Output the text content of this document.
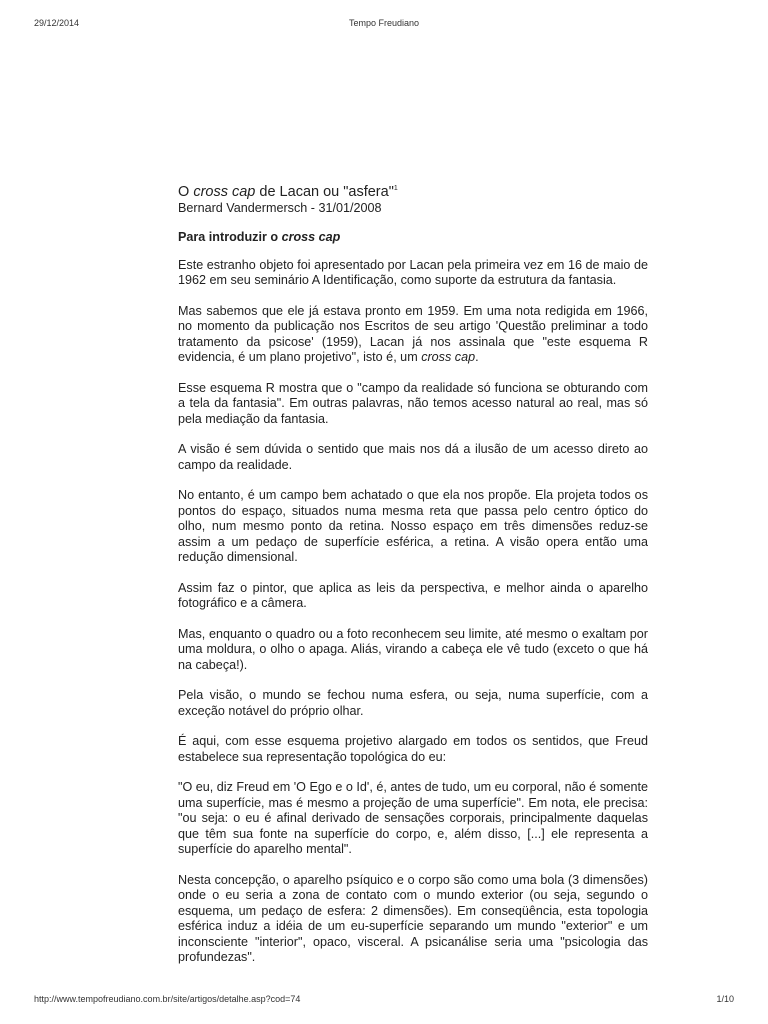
29/12/2014	Tempo Freudiano
O cross cap de Lacan ou "asfera"$^1$

Bernard Vandermersch - 31/01/2008

Para introduzir o cross cap

Este estranho objeto foi apresentado por Lacan pela primeira vez em 16 de maio de 1962 em seu seminário A Identificação, como suporte da estrutura da fantasia.

Mas sabemos que ele já estava pronto em 1959. Em uma nota redigida em 1966, no momento da publicação nos Escritos de seu artigo 'Questão preliminar a todo tratamento da psicose' (1959), Lacan já nos assinala que "este esquema R evidencia, é um plano projetivo", isto é, um cross cap.

Esse esquema R mostra que o "campo da realidade só funciona se obturando com a tela da fantasia". Em outras palavras, não temos acesso natural ao real, mas só pela mediação da fantasia.

A visão é sem dúvida o sentido que mais nos dá a ilusão de um acesso direto ao campo da realidade.

No entanto, é um campo bem achatado o que ela nos propõe. Ela projeta todos os pontos do espaço, situados numa mesma reta que passa pelo centro óptico do olho, num mesmo ponto da retina. Nosso espaço em três dimensões reduz-se assim a um pedaço de superfície esférica, a retina. A visão opera então uma redução dimensional.

Assim faz o pintor, que aplica as leis da perspectiva, e melhor ainda o aparelho fotográfico e a câmera.

Mas, enquanto o quadro ou a foto reconhecem seu limite, até mesmo o exaltam por uma moldura, o olho o apaga. Aliás, virando a cabeça ele vê tudo (exceto o que há na cabeça!).

Pela visão, o mundo se fechou numa esfera, ou seja, numa superfície, com a exceção notável do próprio olhar.

É aqui, com esse esquema projetivo alargado em todos os sentidos, que Freud estabelece sua representação topológica do eu:

"O eu, diz Freud em 'O Ego e o Id', é, antes de tudo, um eu corporal, não é somente uma superfície, mas é mesmo a projeção de uma superfície". Em nota, ele precisa: "ou seja: o eu é afinal derivado de sensações corporais, principalmente daquelas que têm sua fonte na superfície do corpo, e, além disso, [...] ele representa a superfície do aparelho mental".

Nesta concepção, o aparelho psíquico e o corpo são como uma bola (3 dimensões) onde o eu seria a zona de contato com o mundo exterior (ou seja, segundo o esquema, um pedaço de esfera: 2 dimensões). Em conseqüência, esta topologia esférica induz a idéia de um eu-superfície separando um mundo "exterior" e um inconsciente "interior", opaco, visceral. A psicanálise seria uma "psicologia das profundezas".

http://www.tempofreudiano.com.br/site/artigos/detalhe.asp?cod=74	1/10
